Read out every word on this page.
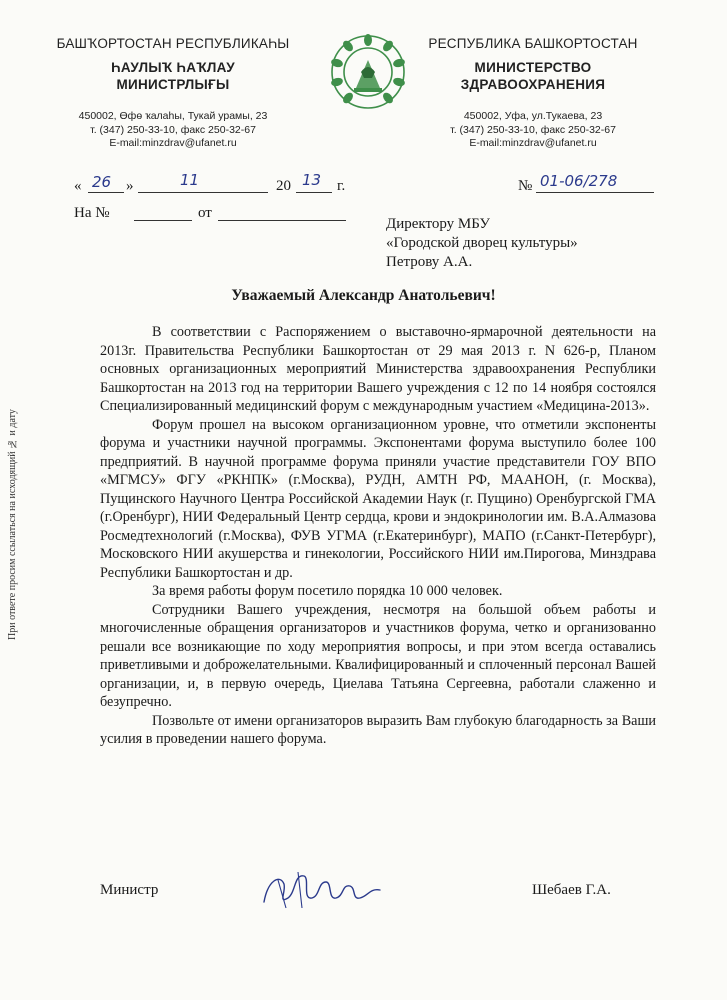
БАШҠОРТОСТАН РЕСПУБЛИКАҺЫ
ҺАУЛЫҠ ҺАҠЛАУ
МИНИСТРЛЫҒЫ
450002, Өфө ҡалаһы, Тукай урамы, 23
т. (347) 250-33-10, факс 250-32-67
E-mail:minzdrav@ufanet.ru
РЕСПУБЛИКА БАШКОРТОСТАН
МИНИСТЕРСТВО
ЗДРАВООХРАНЕНИЯ
450002, Уфа, ул.Тукаева, 23
т. (347) 250-33-10, факс 250-32-67
E-mail:minzdrav@ufanet.ru
« 26 »	11	20 13 г.	№ 01-06/278
На №	от
Директору МБУ
«Городской дворец культуры»
Петрову А.А.
Уважаемый Александр Анатольевич!

В соответствии с Распоряжением о выставочно-ярмарочной деятельности на 2013г. Правительства Республики Башкортостан от 29 мая 2013 г. N 626-р, Планом основных организационных мероприятий Министерства здравоохранения Республики Башкортостан на 2013 год на территории Вашего учреждения с 12 по 14 ноября состоялся Специализированный медицинский форум с международным участием «Медицина-2013».

Форум прошел на высоком организационном уровне, что отметили экспоненты форума и участники научной программы. Экспонентами форума выступило более 100 предприятий. В научной программе форума приняли участие представители ГОУ ВПО «МГМСУ» ФГУ «РКНПК» (г.Москва), РУДН, АМТН РФ, МААНОН, (г. Москва), Пущинского Научного Центра Российской Академии Наук (г. Пущино) Оренбургской ГМА (г.Оренбург), НИИ Федеральный Центр сердца, крови и эндокринологии им. В.А.Алмазова Росмедтехнологий (г.Москва), ФУВ УГМА (г.Екатеринбург), МАПО (г.Санкт-Петербург), Московского НИИ акушерства и гинекологии, Российского НИИ им.Пирогова, Минздрава Республики Башкортостан и др.

За время работы форум посетило порядка 10 000 человек.

Сотрудники Вашего учреждения, несмотря на большой объем работы и многочисленные обращения организаторов и участников форума, четко и организованно решали все возникающие по ходу мероприятия вопросы, и при этом всегда оставались приветливыми и доброжелательными. Квалифицированный и сплоченный персонал Вашей организации, и, в первую очередь, Циелава Татьяна Сергеевна, работали слаженно и безупречно.

Позвольте от имени организаторов выразить Вам глубокую благодарность за Ваши усилия в проведении нашего форума.

Министр	Шебаев Г.А.
При ответе просим ссылаться на исходящий № и дату
